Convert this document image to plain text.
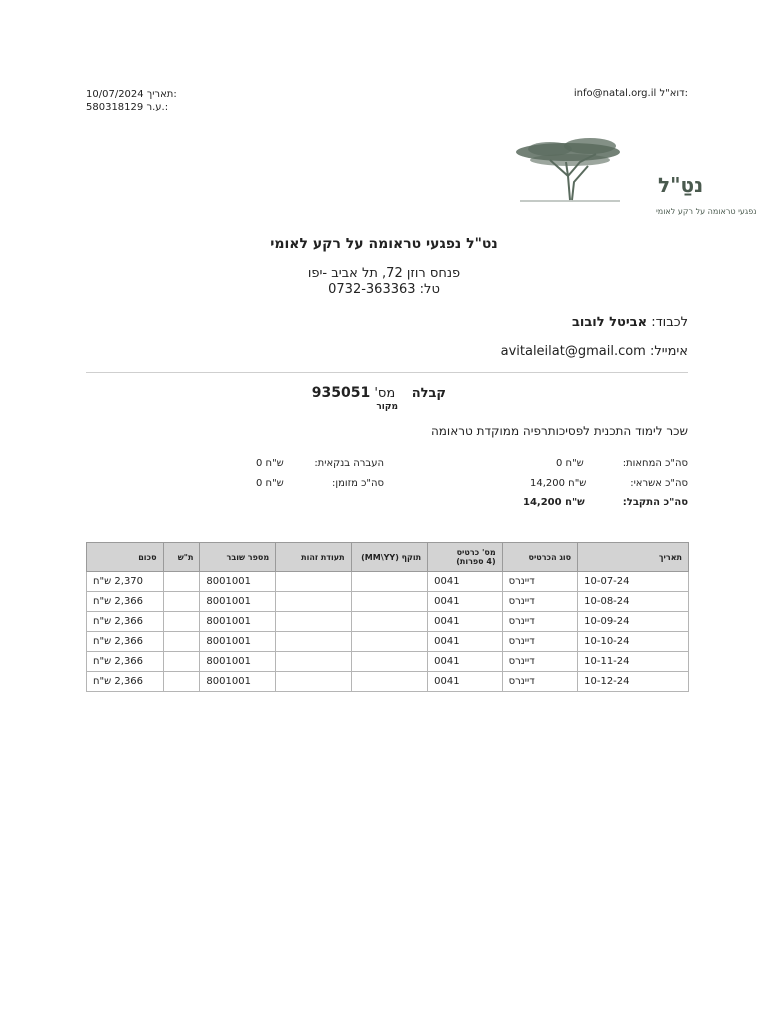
10/07/2024 תאריך:
580318129 ע.ר.:
info@natal.org.il דוא"ל:
נטַ"ל
נפגעי טראומה על רקע לאומי
נט"ל נפגעי טראומה על רקע לאומי
פנחס רוזן 72, תל אביב -יפו
טל: 0732-363363
לכבוד: אביטל לובוב
אימייל: avitaleilat@gmail.com
קבלה    מס' 935051
מקור
שכר לימוד התכנית לפסיכותרפיה ממוקדת טראומה
סה"כ המחאות:
0 ש"ח
העברה בנקאית:
0 ש"ח
סה"כ אשראי:
14,200 ש"ח
סה"כ מזומן:
0 ש"ח
סה"כ התקבל:
14,200 ש"ח
תאריך	סוג הכרטיס	מס' כרטיס
(4 ספרות)	תוקף (MM\YY)	תעודת זהות	מספר שובר	ת"ש	סכום
10-07-24	דיינרס	0041			8001001		2,370 ש"ח
10-08-24	דיינרס	0041			8001001		2,366 ש"ח
10-09-24	דיינרס	0041			8001001		2,366 ש"ח
10-10-24	דיינרס	0041			8001001		2,366 ש"ח
10-11-24	דיינרס	0041			8001001		2,366 ש"ח
10-12-24	דיינרס	0041			8001001		2,366 ש"ח
